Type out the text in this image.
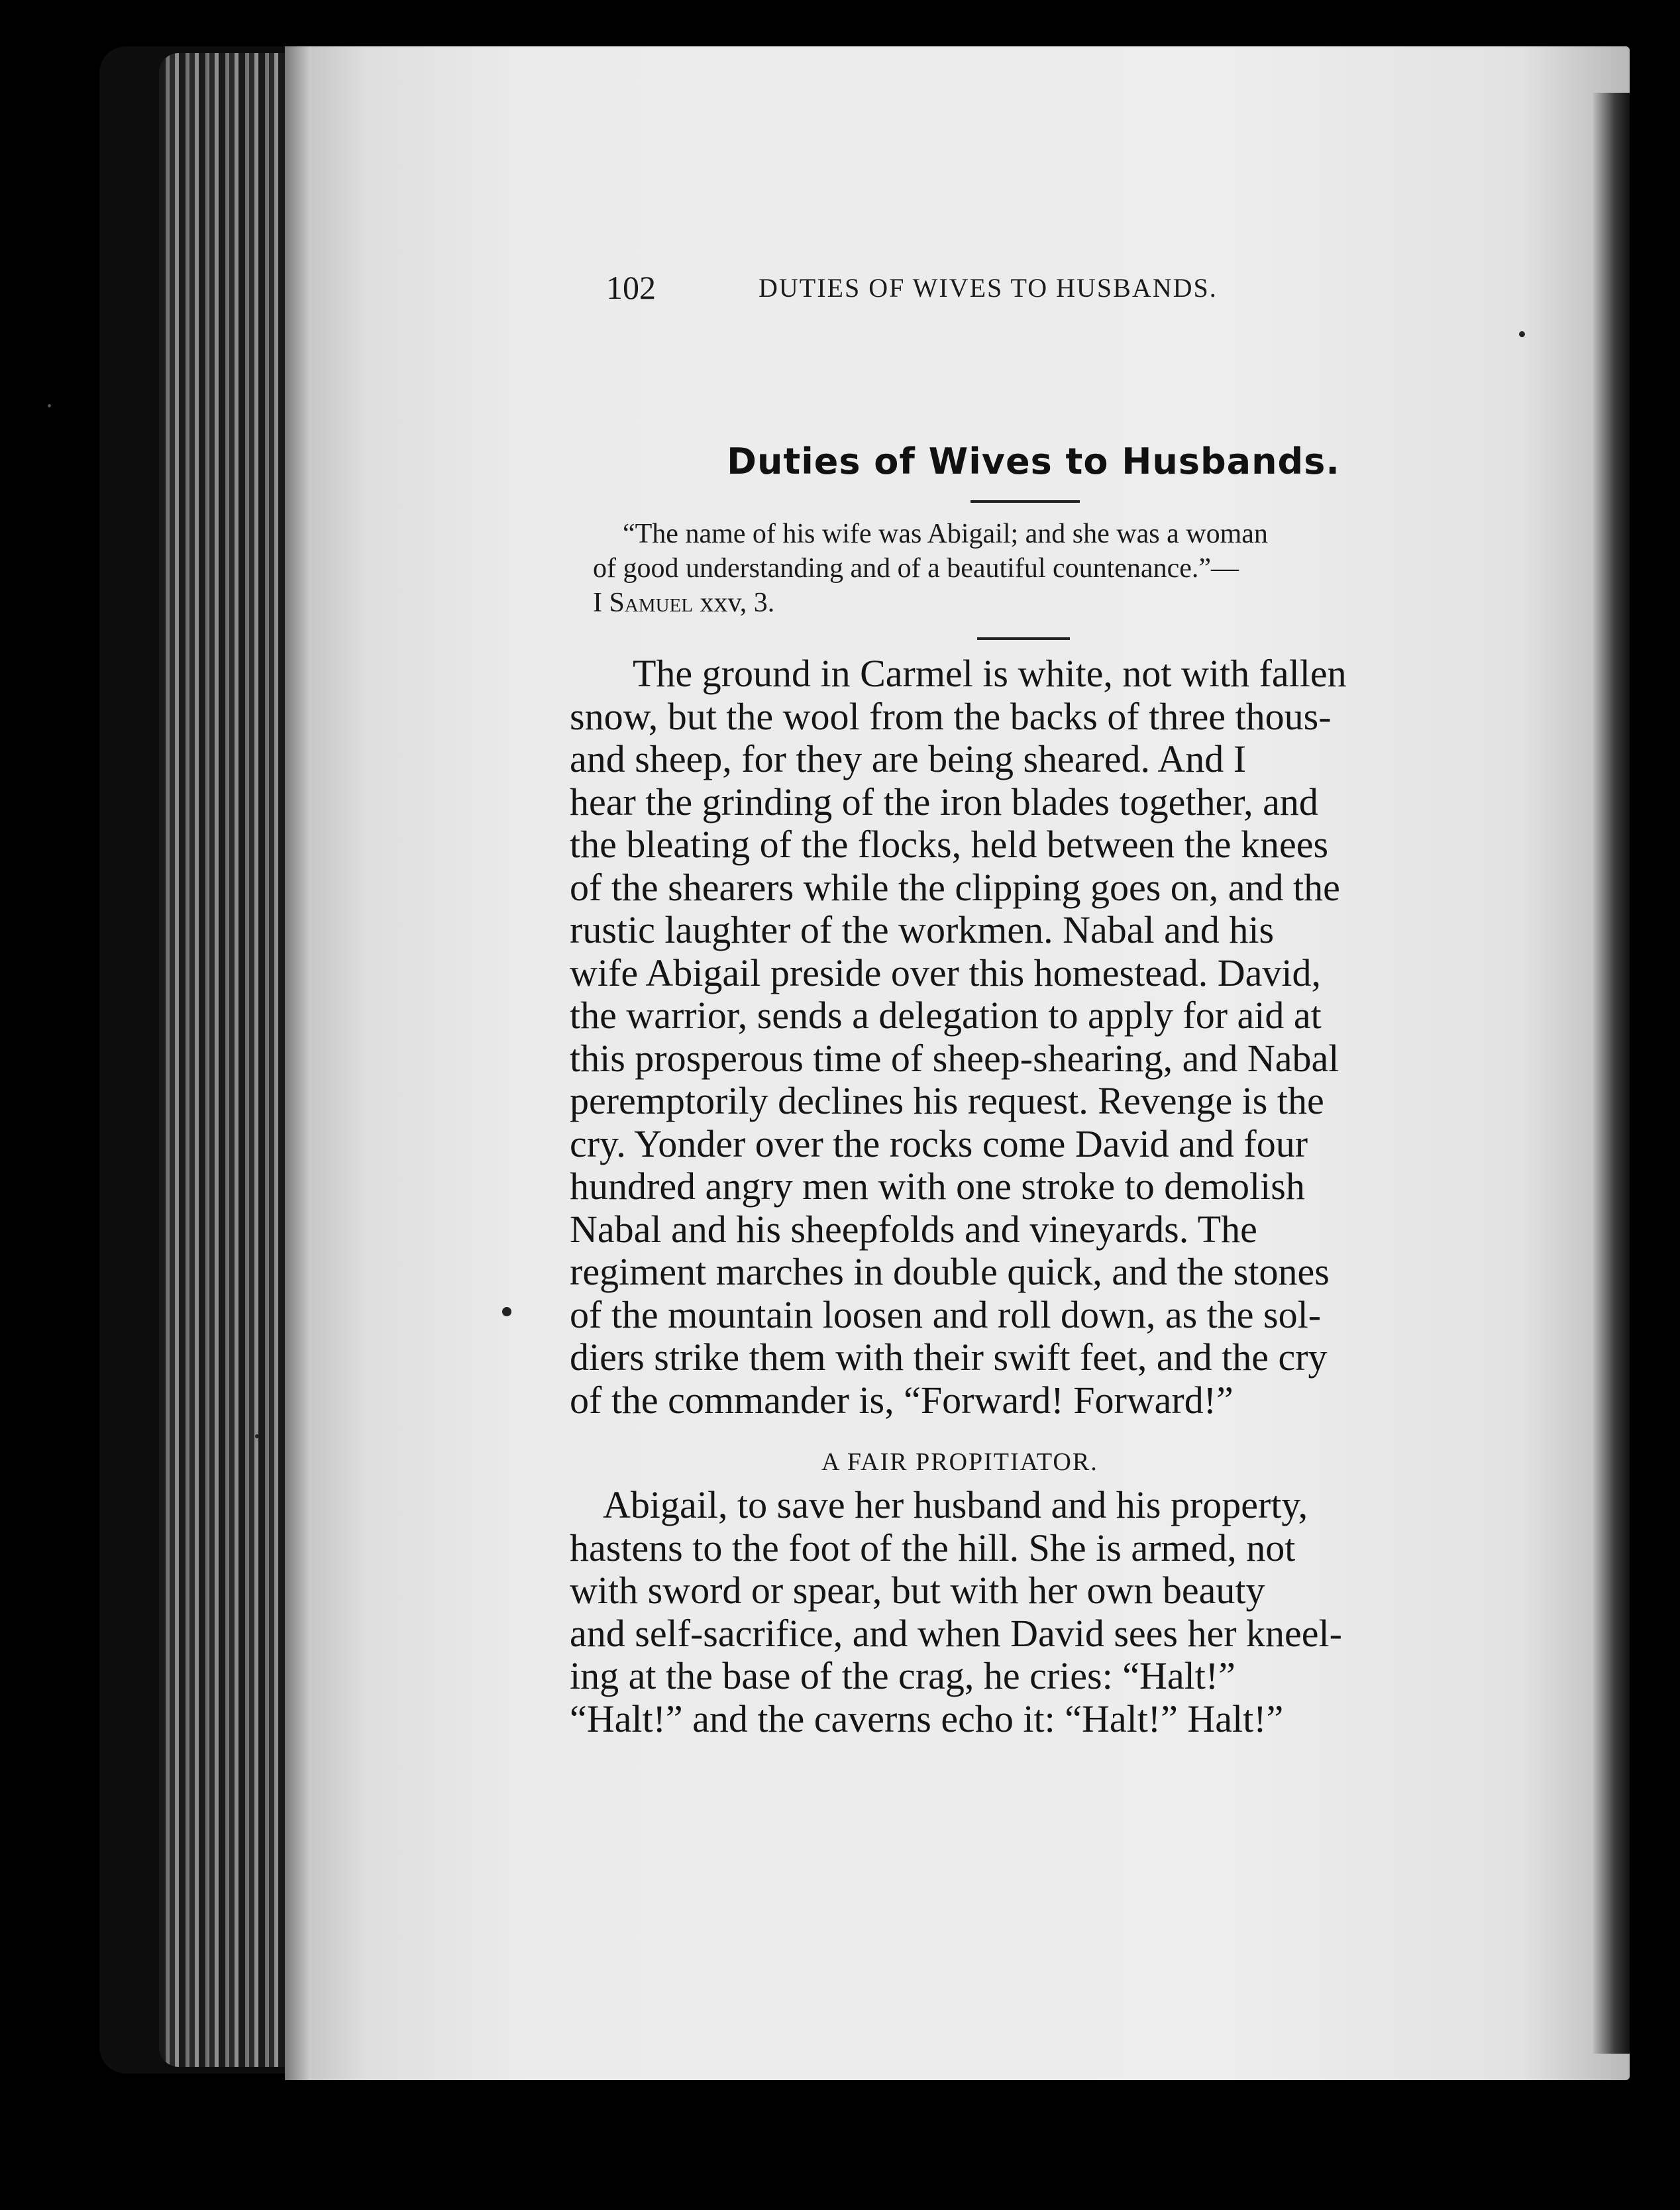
102	DUTIES OF WIVES TO HUSBANDS.
Duties of Wives to Husbands.
“The name of his wife was Abigail; and she was a woman
of good understanding and of a beautiful countenance.”—
I Samuel xxv, 3.
The ground in Carmel is white, not with fallen
snow, but the wool from the backs of three thous-
and sheep, for they are being sheared. And I
hear the grinding of the iron blades together, and
the bleating of the flocks, held between the knees
of the shearers while the clipping goes on, and the
rustic laughter of the workmen. Nabal and his
wife Abigail preside over this homestead. David,
the warrior, sends a delegation to apply for aid at
this prosperous time of sheep-shearing, and Nabal
peremptorily declines his request. Revenge is the
cry. Yonder over the rocks come David and four
hundred angry men with one stroke to demolish
Nabal and his sheepfolds and vineyards. The
regiment marches in double quick, and the stones
of the mountain loosen and roll down, as the sol-
diers strike them with their swift feet, and the cry
of the commander is, “Forward! Forward!”
A FAIR PROPITIATOR.
Abigail, to save her husband and his property,
hastens to the foot of the hill. She is armed, not
with sword or spear, but with her own beauty
and self-sacrifice, and when David sees her kneel-
ing at the base of the crag, he cries: “Halt!”
“Halt!” and the caverns echo it: “Halt!” Halt!”
